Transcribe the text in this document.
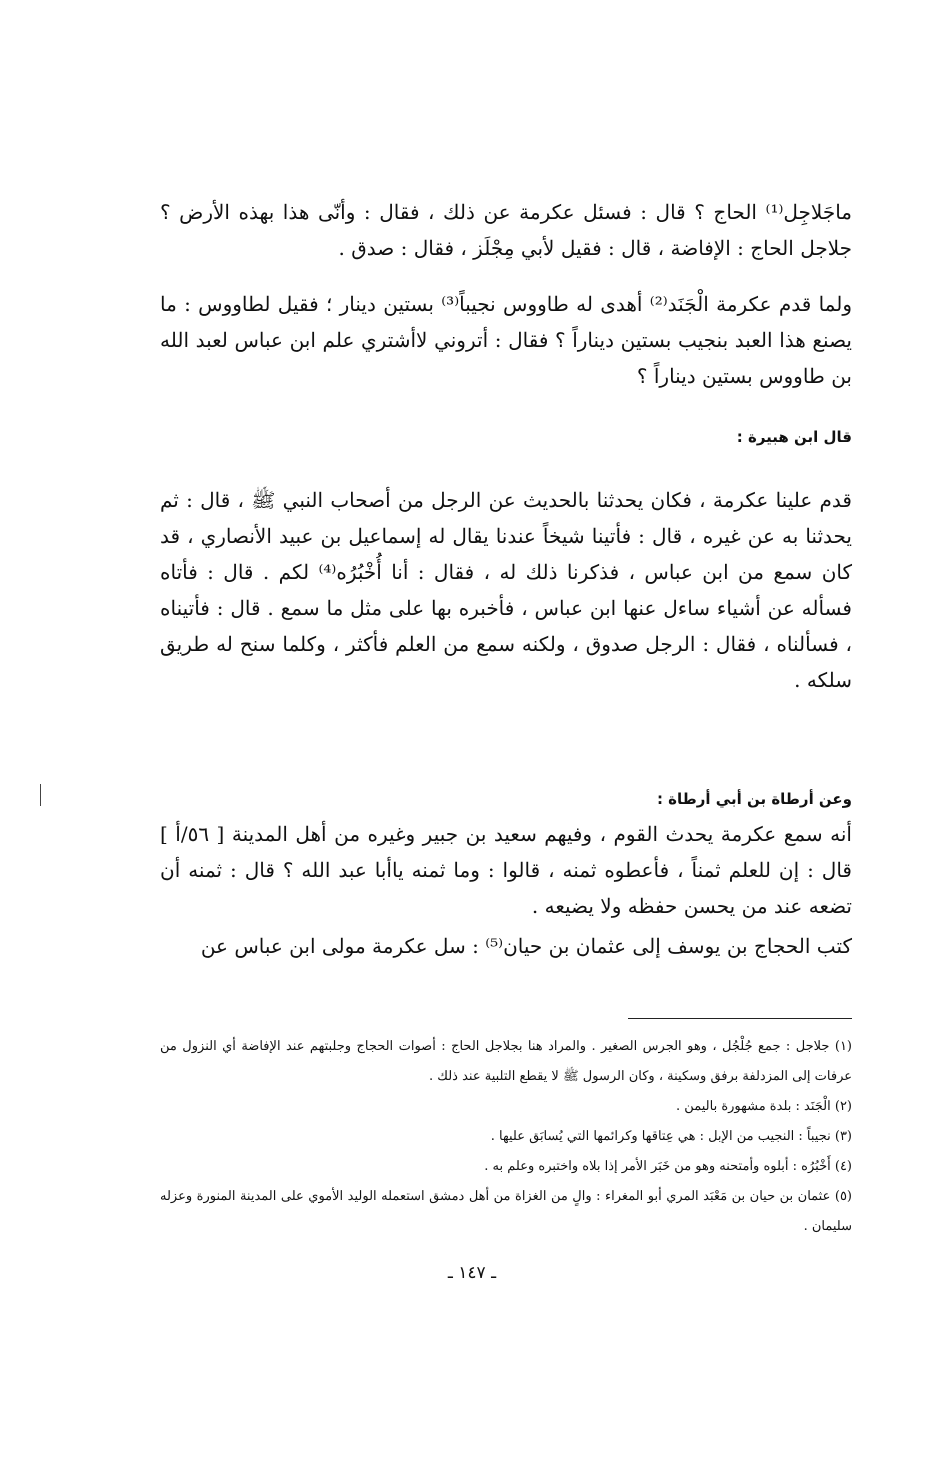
ماجَلاجِل⁽¹⁾ الحاج ؟ قال : فسئل عكرمة عن ذلك ، فقال : وأنّى هذا بهذه الأرض ؟ جلاجل الحاج : الإفاضة ، قال : فقيل لأبي مِجْلَز ، فقال : صدق .

ولما قدم عكرمة الْجَنَد⁽²⁾ أهدى له طاووس نجيباً⁽³⁾ بستين دينار ؛ فقيل لطاووس : ما يصنع هذا العبد بنجيب بستين ديناراً ؟ فقال : أتروني لاأشتري علم ابن عباس لعبد الله بن طاووس بستين ديناراً ؟

قال ابن هبيرة :

قدم علينا عكرمة ، فكان يحدثنا بالحديث عن الرجل من أصحاب النبي ﷺ ، قال : ثم يحدثنا به عن غيره ، قال : فأتينا شيخاً عندنا يقال له إسماعيل بن عبيد الأنصاري ، قد كان سمع من ابن عباس ، فذكرنا ذلك له ، فقال : أنا أُخْبُرُه⁽⁴⁾ لكم . قال : فأتاه فسأله عن أشياء ساءل عنها ابن عباس ، فأخبره بها على مثل ما سمع . قال : فأتيناه ، فسألناه ، فقال : الرجل صدوق ، ولكنه سمع من العلم فأكثر ، وكلما سنح له طريق سلكه .

وعن أرطاة بن أبي أرطاة :

أنه سمع عكرمة يحدث القوم ، وفيهم سعيد بن جبير وغيره من أهل المدينة [ ٥٦/أ ] قال : إن للعلم ثمناً ، فأعطوه ثمنه ، قالوا : وما ثمنه ياأبا عبد الله ؟ قال : ثمنه أن تضعه عند من يحسن حفظه ولا يضيعه .

كتب الحجاج بن يوسف إلى عثمان بن حيان⁽⁵⁾ : سل عكرمة مولى ابن عباس عن

(١) جلاجل : جمع جُلْجُل ، وهو الجرس الصغير . والمراد هنا بجلاجل الحاج : أصوات الحجاج وجلبتهم عند الإفاضة أي النزول من عرفات إلى المزدلفة برفق وسكينة ، وكان الرسول ﷺ لا يقطع التلبية عند ذلك .

(٢) الْجَنَد : بلدة مشهورة باليمن .

(٣) نجيباً : النجيب من الإبل : هي عِتاقها وكرائمها التي يُسابَق عليها .

(٤) أَخْبُرُه : أبلوه وأمتحنه وهو من خَبَر الأمر إذا بلاه واختبره وعلم به .

(٥) عثمان بن حيان بن مَعْبَد المري أبو المغراء : والٍ من الغزاة من أهل دمشق استعمله الوليد الأموي على المدينة المنورة وعزله سليمان .

ـ ١٤٧ ـ
